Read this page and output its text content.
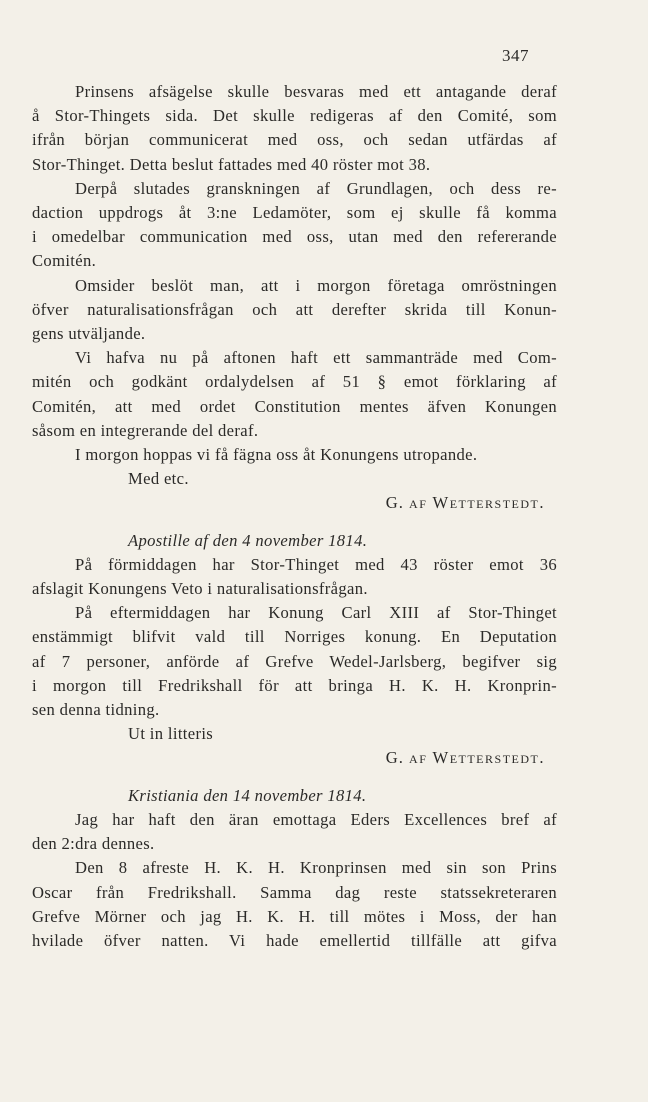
347

Prinsens afsägelse skulle besvaras med ett antagande deraf
å Stor-Thingets sida. Det skulle redigeras af den Comité, som
ifrån början communicerat med oss, och sedan utfärdas af
Stor-Thinget. Detta beslut fattades med 40 röster mot 38.

Derpå slutades granskningen af Grundlagen, och dess re-
daction uppdrogs åt 3:ne Ledamöter, som ej skulle få komma
i omedelbar communication med oss, utan med den refererande
Comitén.

Omsider beslöt man, att i morgon företaga omröstningen
öfver naturalisationsfrågan och att derefter skrida till Konun-
gens utväljande.

Vi hafva nu på aftonen haft ett sammanträde med Com-
mitén och godkänt ordalydelsen af 51 § emot förklaring af
Comitén, att med ordet Constitution mentes äfven Konungen
såsom en integrerande del deraf.

I morgon hoppas vi få fägna oss åt Konungens utropande.

Med etc.

G. af Wetterstedt.

Apostille af den 4 november 1814.

På förmiddagen har Stor-Thinget med 43 röster emot 36
afslagit Konungens Veto i naturalisationsfrågan.

På eftermiddagen har Konung Carl XIII af Stor-Thinget
enstämmigt blifvit vald till Norriges konung. En Deputation
af 7 personer, anförde af Grefve Wedel-Jarlsberg, begifver sig
i morgon till Fredrikshall för att bringa H. K. H. Kronprin-
sen denna tidning.

Ut in litteris

G. af Wetterstedt.

Kristiania den 14 november 1814.

Jag har haft den äran emottaga Eders Excellences bref af
den 2:dra dennes.

Den 8 afreste H. K. H. Kronprinsen med sin son Prins
Oscar från Fredrikshall. Samma dag reste statssekreteraren
Grefve Mörner och jag H. K. H. till mötes i Moss, der han
hvilade öfver natten. Vi hade emellertid tillfälle att gifva
